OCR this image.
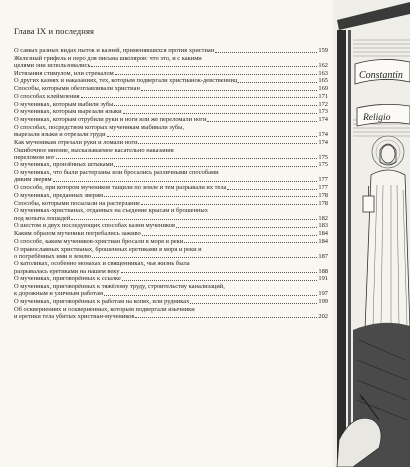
Глава IX и последняя
О самых разных видах пыток и казней, применявшихся против христиан	159
Железный грифель и перо для письма школяров: что это, и с какими
целями они использовались	162
Истязания стимулом, или стрекалом	163
О других казнях и наказаниях, тех, которым подвергали христианок-девственниц	165
Способы, которыми обезглавливали христиан	169
О способах клеймления	171
О мучениках, которым выбили зубы	172
О мучениках, которым вырезали языки	173
О мучениках, которым отрубили руки и ноги или же переломали ноги	174
О способах, посредством которых мученикам выбивали зубы,
вырезали языки и отрезали груди	174
Как мученикам отрезали руки и ломали ноги	174
Ошибочное мнение, высказываемое касательно наказания
переломом ног	175
О мучениках, пронзённых штыками	175
О мучениках, что были растерзаны или бросались различными способами
диким зверям	177
О способе, при котором мучеников тащили по земле и тем разрывали их тела	177
О мучениках, преданных зверям	178
Способы, которыми посылали на растерзание	178
О мучениках-христианах, отданных на съедение крысам и брошенных
под копыта лошадей	182
О шестом и двух последующих способах казни мучеников	183
Каким образом мученики погребались заживо	184
О способе, каким мучеников-христиан бросали в моря и реки	184
О православных христианах, брошенных еретиками в моря и реки и
о погребённых ими в землю	187
О католиках, особенно монахах и священниках, чья жизнь была
разрывалась еретиками на нашем веку	188
О мучениках, приговорённых к ссылке	191
О мучениках, приговорённых к тяжёлому труду, строительству канализаций,
к дорожным и уличным работам	197
О мучениках, приговорённых к работам на копях, или рудниках	199
Об осквернениях и оскверненных, которым подвергали язычники
и еретики тела убитых христиан-мучеников	202
Constantin
Religio
